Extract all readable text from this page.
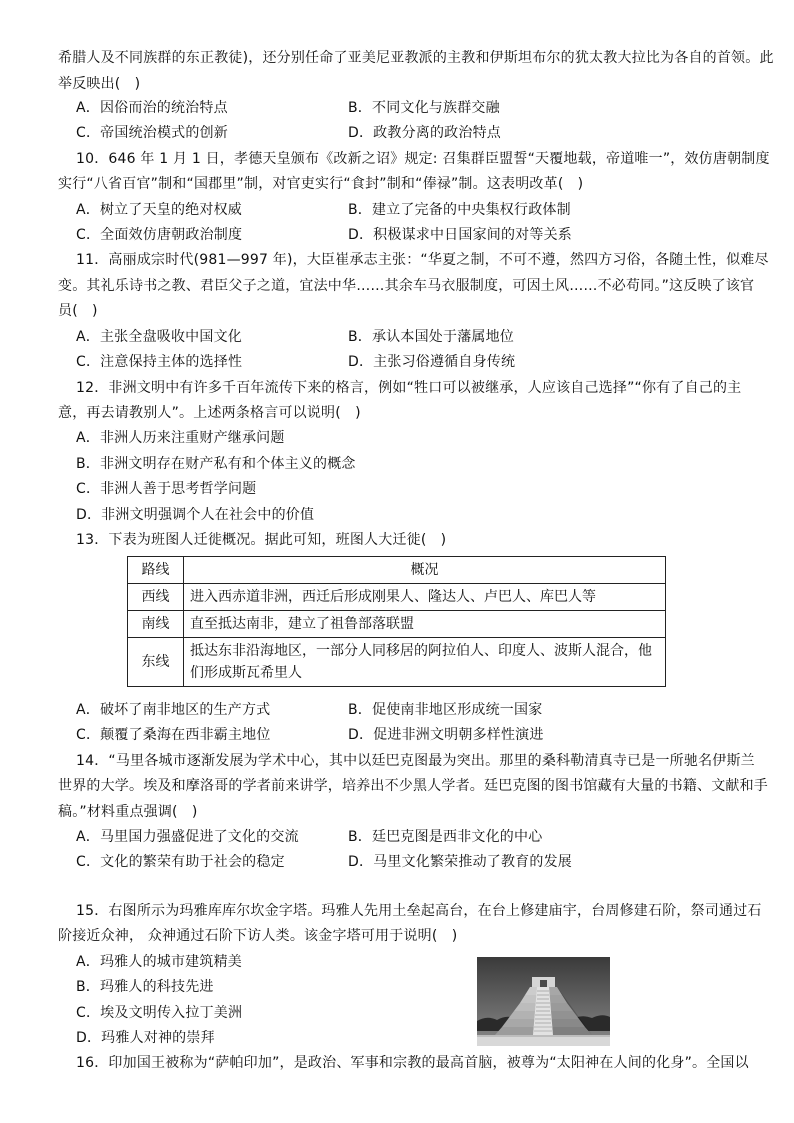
希腊人及不同族群的东正教徒)，还分别任命了亚美尼亚教派的主教和伊斯坦布尔的犹太教大拉比为各自的首领。此
举反映出(　)
A．因俗而治的统治特点	B．不同文化与族群交融
C．帝国统治模式的创新	D．政教分离的政治特点
10．646 年 1 月 1 日，孝德天皇颁布《改新之诏》规定: 召集群臣盟誓“天覆地载，帝道唯一”，效仿唐朝制度
实行“八省百官”制和“国郡里”制，对官吏实行“食封”制和“俸禄”制。这表明改革(　)
A．树立了天皇的绝对权威	B．建立了完备的中央集权行政体制
C．全面效仿唐朝政治制度	D．积极谋求中日国家间的对等关系
11．高丽成宗时代(981—997 年)，大臣崔承志主张：“华夏之制，不可不遵，然四方习俗，各随土性，似难尽
变。其礼乐诗书之教、君臣父子之道，宜法中华……其余车马衣服制度，可因土风……不必苟同。”这反映了该官
员(　)
A．主张全盘吸收中国文化	B．承认本国处于藩属地位
C．注意保持主体的选择性	D．主张习俗遵循自身传统
12．非洲文明中有许多千百年流传下来的格言，例如“牲口可以被继承，人应该自己选择”“你有了自己的主
意，再去请教别人”。上述两条格言可以说明(　)
A．非洲人历来注重财产继承问题
B．非洲文明存在财产私有和个体主义的概念
C．非洲人善于思考哲学问题
D．非洲文明强调个人在社会中的价值
13．下表为班图人迁徙概况。据此可知，班图人大迁徙(　)
路线	概况
西线	进入西赤道非洲，西迁后形成刚果人、隆达人、卢巴人、库巴人等
南线	直至抵达南非，建立了祖鲁部落联盟
东线	抵达东非沿海地区，一部分人同移居的阿拉伯人、印度人、波斯人混合，他们形成斯瓦希里人
A．破坏了南非地区的生产方式	B．促使南非地区形成统一国家
C．颠覆了桑海在西非霸主地位	D．促进非洲文明朝多样性演进
14．“马里各城市逐渐发展为学术中心，其中以廷巴克图最为突出。那里的桑科勒清真寺已是一所驰名伊斯兰
世界的大学。埃及和摩洛哥的学者前来讲学，培养出不少黑人学者。廷巴克图的图书馆藏有大量的书籍、文献和手
稿。”材料重点强调(　)
A．马里国力强盛促进了文化的交流	B．廷巴克图是西非文化的中心
C．文化的繁荣有助于社会的稳定	D．马里文化繁荣推动了教育的发展
15．右图所示为玛雅库库尔坎金字塔。玛雅人先用土垒起高台，在台上修建庙宇，台周修建石阶，祭司通过石
阶接近众神， 众神通过石阶下访人类。该金字塔可用于说明(　)
A．玛雅人的城市建筑精美
B．玛雅人的科技先进
C．埃及文明传入拉丁美洲
D．玛雅人对神的崇拜
16．印加国王被称为“萨帕印加”，是政治、军事和宗教的最高首脑，被尊为“太阳神在人间的化身”。全国以
